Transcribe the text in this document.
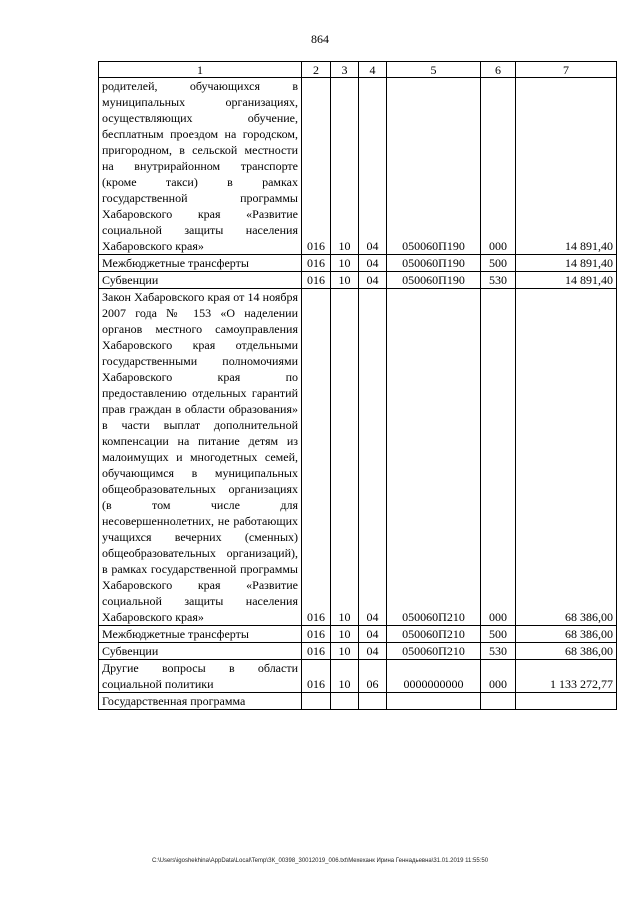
864
1	2	3	4	5	6	7
родителей, обучающихся в муниципальных организациях, осуществляющих обучение, бесплатным проездом на городском, пригородном, в сельской местности на внутрирайонном транспорте (кроме такси) в рамках государственной программы Хабаровского края «Развитие социальной защиты населения Хабаровского края»	016	10	04	050060П190	000	14 891,40
Межбюджетные трансферты	016	10	04	050060П190	500	14 891,40
Субвенции	016	10	04	050060П190	530	14 891,40
Закон Хабаровского края от 14 ноября 2007 года № 153 «О наделении органов местного самоуправления Хабаровского края отдельными государственными полномочиями Хабаровского края по предоставлению отдельных гарантий прав граждан в области образования» в части выплат дополнительной компенсации на питание детям из малоимущих и многодетных семей, обучающимся в муниципальных общеобразовательных организациях (в том числе для несовершеннолетних, не работающих учащихся вечерних (сменных) общеобразовательных организаций), в рамках государственной программы Хабаровского края «Развитие социальной защиты населения Хабаровского края»	016	10	04	050060П210	000	68 386,00
Межбюджетные трансферты	016	10	04	050060П210	500	68 386,00
Субвенции	016	10	04	050060П210	530	68 386,00
Другие вопросы в области социальной политики	016	10	06	0000000000	000	1 133 272,77
Государственная программа						
C:\Users\igoshekhina\AppData\Local\Temp\ЗК_00398_30012019_006.txt\Мехеханк Ирина Геннадьевна\31.01.2019 11:55:50
